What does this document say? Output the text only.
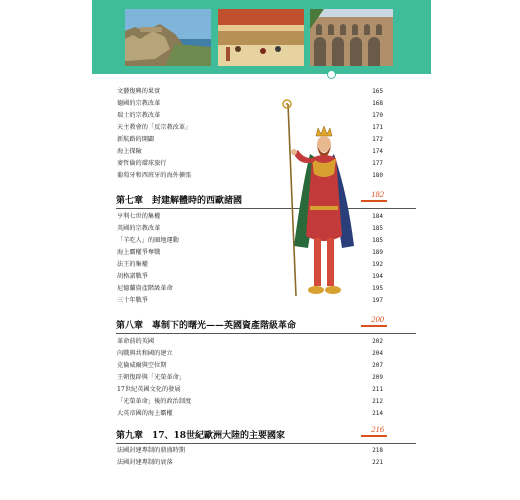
文藝復興的果實	165
德國的宗教改革	168
瑞士的宗教改革	170
天主教會的「反宗教改革」	171
新航路的開闢	172
海上探險	174
麥哲倫的環球旅行	177
葡萄牙和西班牙的海外擴張	180
第七章　封建解體時的西歐諸國
182
亨利七世的集權	184
英國的宗教改革	185
「羊吃人」的圈地運動	185
海上霸權爭奪戰	189
法王的集權	192
胡格諾戰爭	194
尼德蘭資產階級革命	195
三十年戰爭	197
第八章　專制下的曙光——英國資產階級革命
200
革命前的英國	202
內戰與共和國的建立	204
克倫威爾與空位期	207
王朝復辟與「光榮革命」	209
17世紀英國文化的發展	211
「光榮革命」後的政治制度	212
大英帝國的海上霸權	214
第九章　17、18世紀歐洲大陸的主要國家
216
法國封建專制的鼎盛時期	218
法國封建專制的衰落	221
